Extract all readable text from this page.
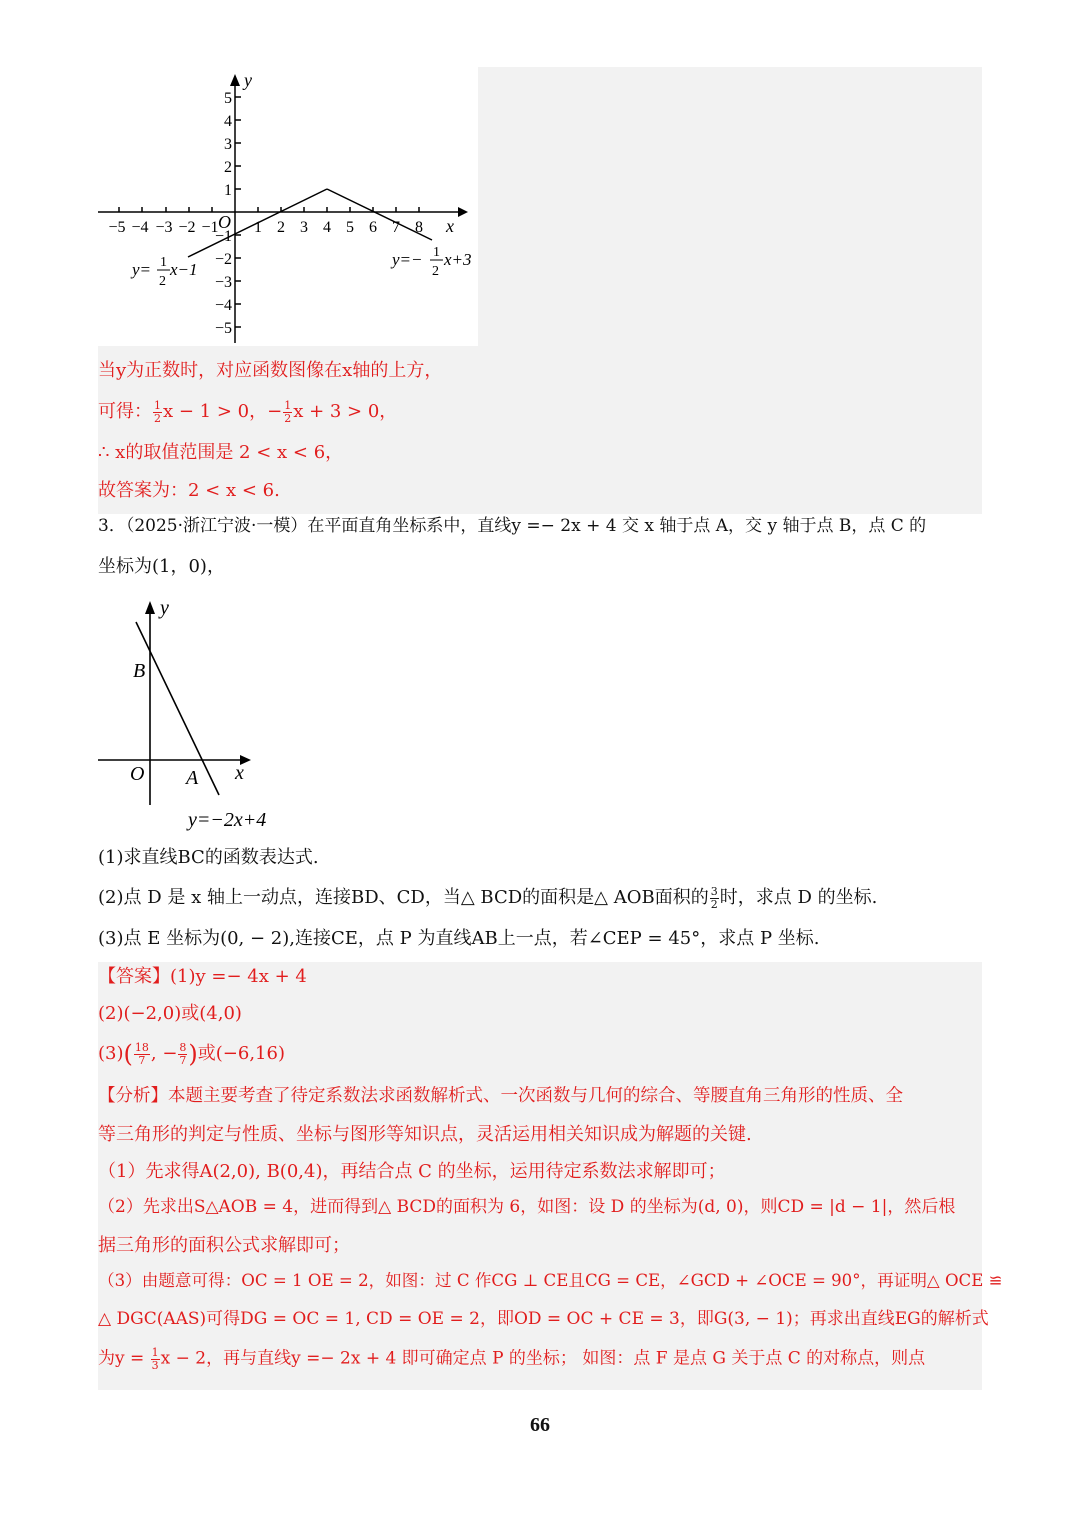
−5 −4 −3 −2 −1 1 2 3 4 5 6 7 8
1
2
3
4
5
−1
−2
−3
−4
−5
O	x
y
y= 1
2
x−1
y=− 1
2
x+3
当y为正数时，对应函数图像在x轴的上方，
可得： $\frac{1}{2}$ x − 1 > 0，− $\frac{1}{2}$ x + 3 > 0，
∴ x的取值范围是 2 < x < 6，
故答案为：2 < x < 6.
3．（2025·浙江宁波·一模）在平面直角坐标系中，直线y =− 2x + 4 交 x 轴于点 A，交 y 轴于点 B，点 C 的
坐标为(1，0)，
B
O A x
y
y=−2x+4
(1)求直线BC的函数表达式.
(2)点 D 是 x 轴上一动点，连接BD、CD，当△ BCD的面积是△ AOB面积的 $\frac{3}{2}$ 时，求点 D 的坐标.
(3)点 E 坐标为(0, − 2),连接CE，点 P 为直线AB上一点，若∠CEP = 45°，求点 P 坐标.
【答案】(1)y =− 4x + 4
(2)(−2,0)或(4,0)
$(3)( \frac{18}{7}$ , − $\frac{8}{7}$ )或(−6,16)
【分析】本题主要考查了待定系数法求函数解析式、一次函数与几何的综合、等腰直角三角形的性质、全
等三角形的判定与性质、坐标与图形等知识点，灵活运用相关知识成为解题的关键.
（1）先求得A(2,0), B(0,4)，再结合点 C 的坐标，运用待定系数法求解即可；
（2）先求出S△AOB = 4，进而得到△ BCD的面积为 6，如图：设 D 的坐标为(d, 0)，则CD = |d − 1|，然后根
据三角形的面积公式求解即可；
（3）由题意可得：OC = 1 OE = 2，如图：过 C 作CG ⊥ CE且CG = CE，∠GCD + ∠OCE = 90°，再证明△ OCE ≌
△ DGC(AAS)可得DG = OC = 1, CD = OE = 2，即OD = OC + CE = 3，即G(3, − 1)；再求出直线EG的解析式
为$y = \frac{1}{3}$ x − 2，再与直线y =− 2x + 4 即可确定点 P 的坐标； 如图：点 F 是点 G 关于点 C 的对称点，则点
66
